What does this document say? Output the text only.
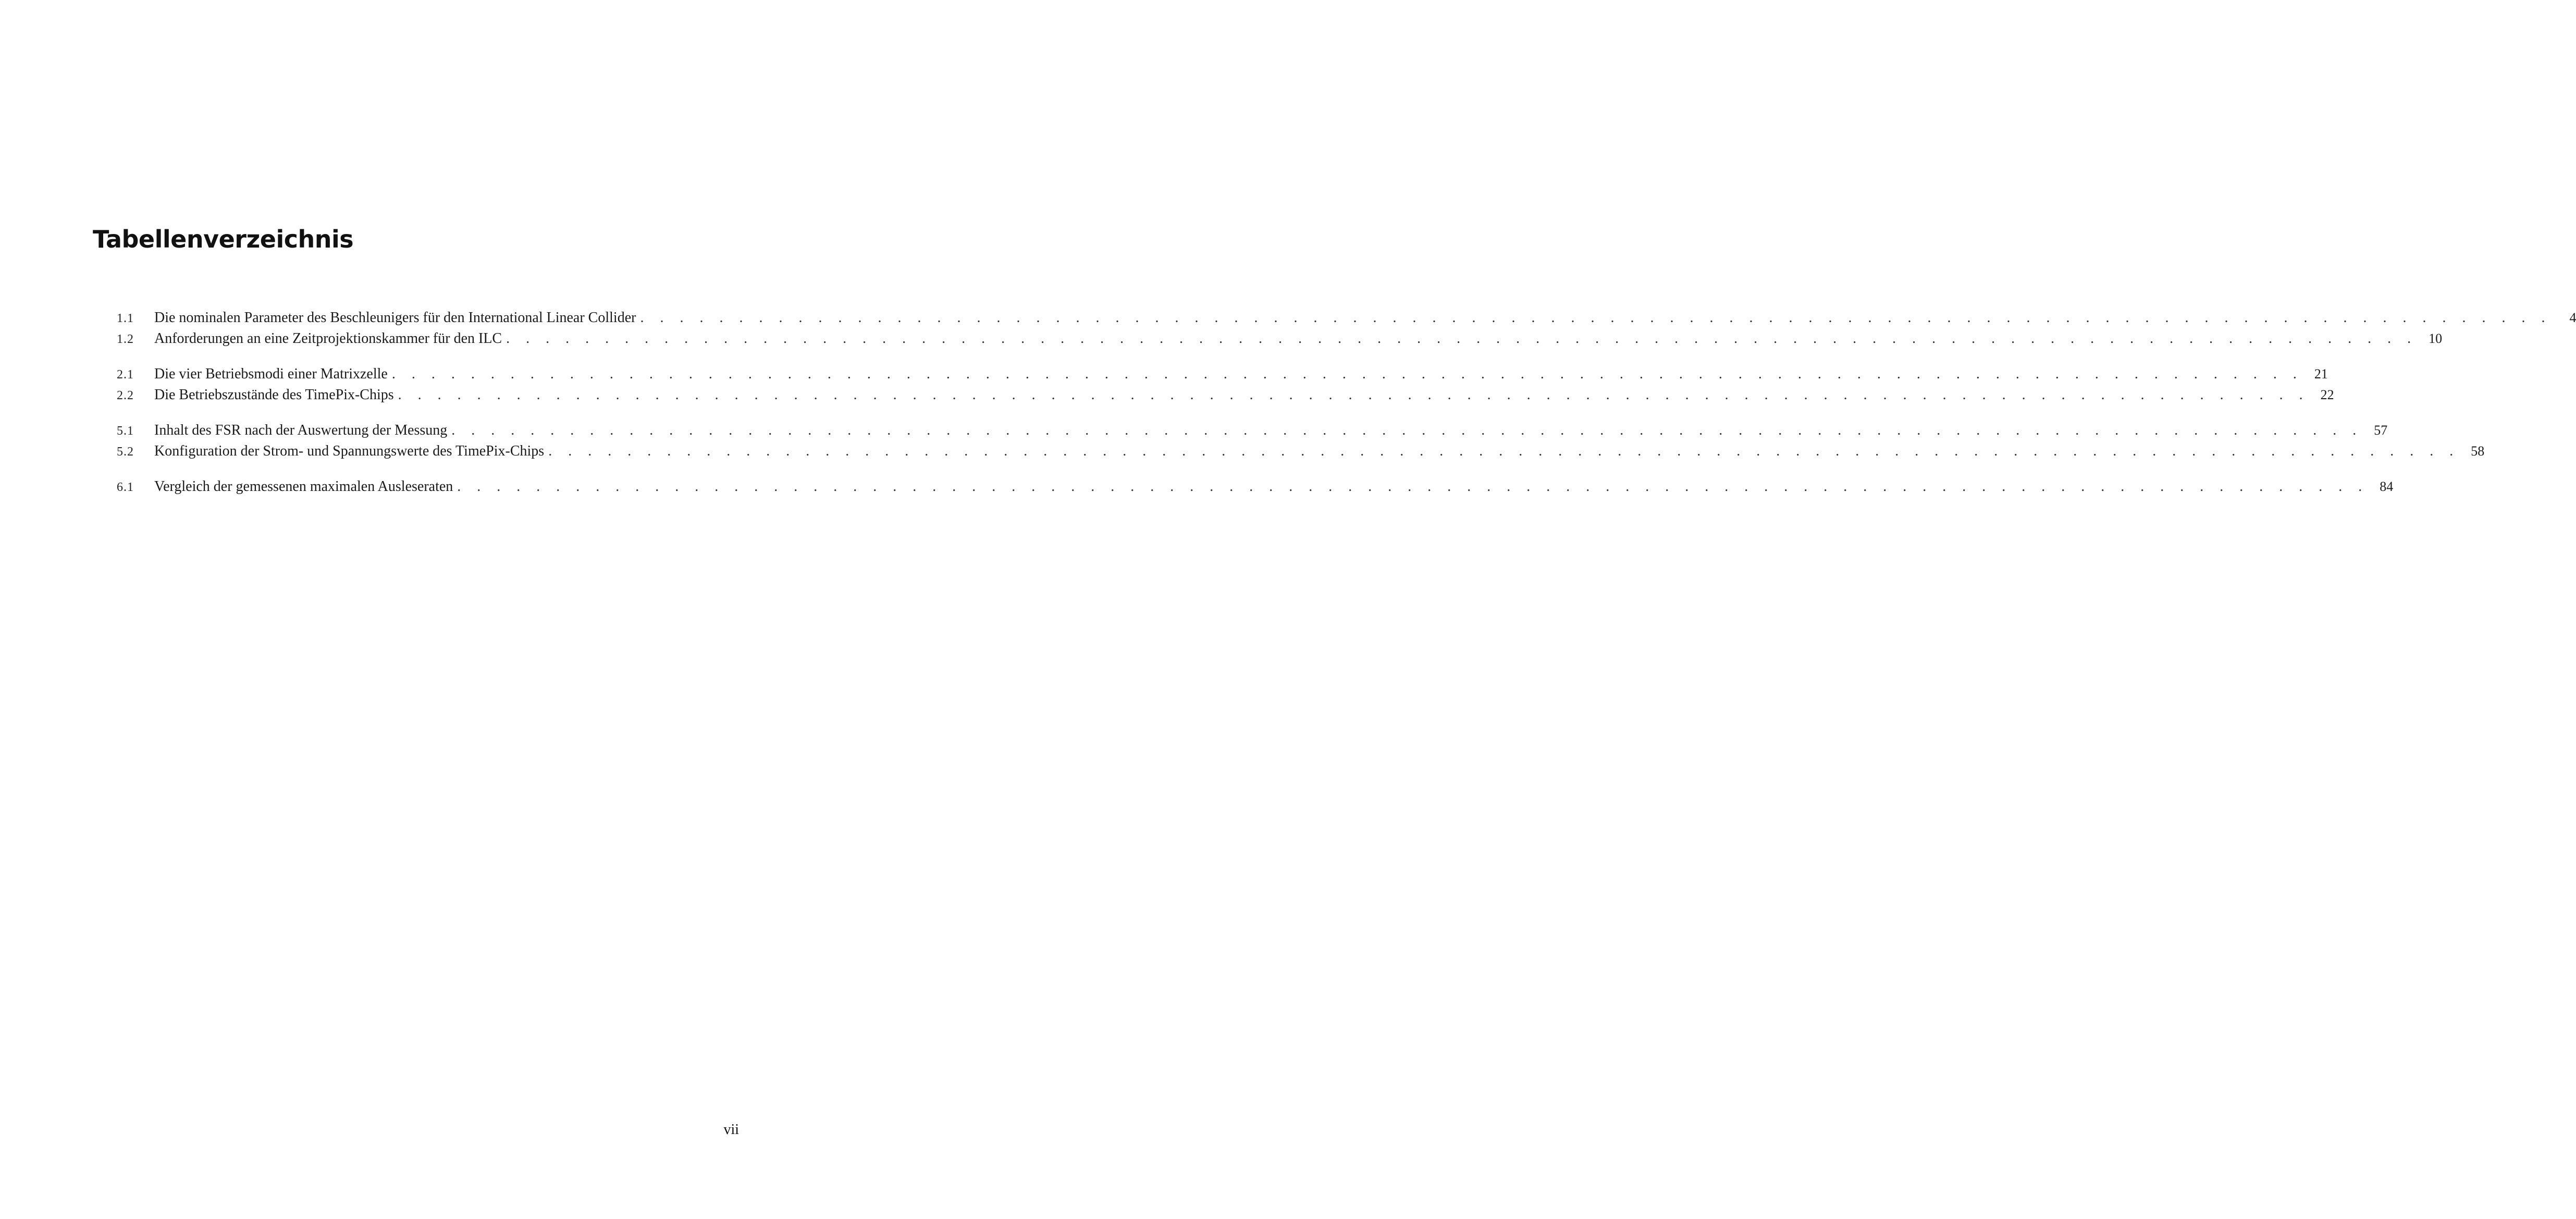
Tabellenverzeichnis
1.1	Die nominalen Parameter des Beschleunigers für den International Linear Collider . . . . . . . . . . . . . . . . . . . . . . . . . . . . . . . . . . . . . . . . . . . . . . . . . . . . . . . . . . . . . . . . . . . . . . . . . . . . . . . . . . . . . . . . . . . . . . . . .	4
1.2	Anforderungen an eine Zeitprojektionskammer für den ILC . . . . . . . . . . . . . . . . . . . . . . . . . . . . . . . . . . . . . . . . . . . . . . . . . . . . . . . . . . . . . . . . . . . . . . . . . . . . . . . . . . . . . . . . . . . . . . . . . 10
2.1	Die vier Betriebsmodi einer Matrixzelle . . . . . . . . . . . . . . . . . . . . . . . . . . . . . . . . . . . . . . . . . . . . . . . . . . . . . . . . . . . . . . . . . . . . . . . . . . . . . . . . . . . . . . . . . . . . . . . . . 21
2.2	Die Betriebszustände des TimePix-Chips . . . . . . . . . . . . . . . . . . . . . . . . . . . . . . . . . . . . . . . . . . . . . . . . . . . . . . . . . . . . . . . . . . . . . . . . . . . . . . . . . . . . . . . . . . . . . . . . . 22
5.1	Inhalt des FSR nach der Auswertung der Messung . . . . . . . . . . . . . . . . . . . . . . . . . . . . . . . . . . . . . . . . . . . . . . . . . . . . . . . . . . . . . . . . . . . . . . . . . . . . . . . . . . . . . . . . . . . . . . . . . 57
5.2	Konfiguration der Strom- und Spannungswerte des TimePix-Chips . . . . . . . . . . . . . . . . . . . . . . . . . . . . . . . . . . . . . . . . . . . . . . . . . . . . . . . . . . . . . . . . . . . . . . . . . . . . . . . . . . . . . . . . . . . . . . . . . 58
6.1	Vergleich der gemessenen maximalen Ausleseraten . . . . . . . . . . . . . . . . . . . . . . . . . . . . . . . . . . . . . . . . . . . . . . . . . . . . . . . . . . . . . . . . . . . . . . . . . . . . . . . . . . . . . . . . . . . . . . . . . 84
vii
